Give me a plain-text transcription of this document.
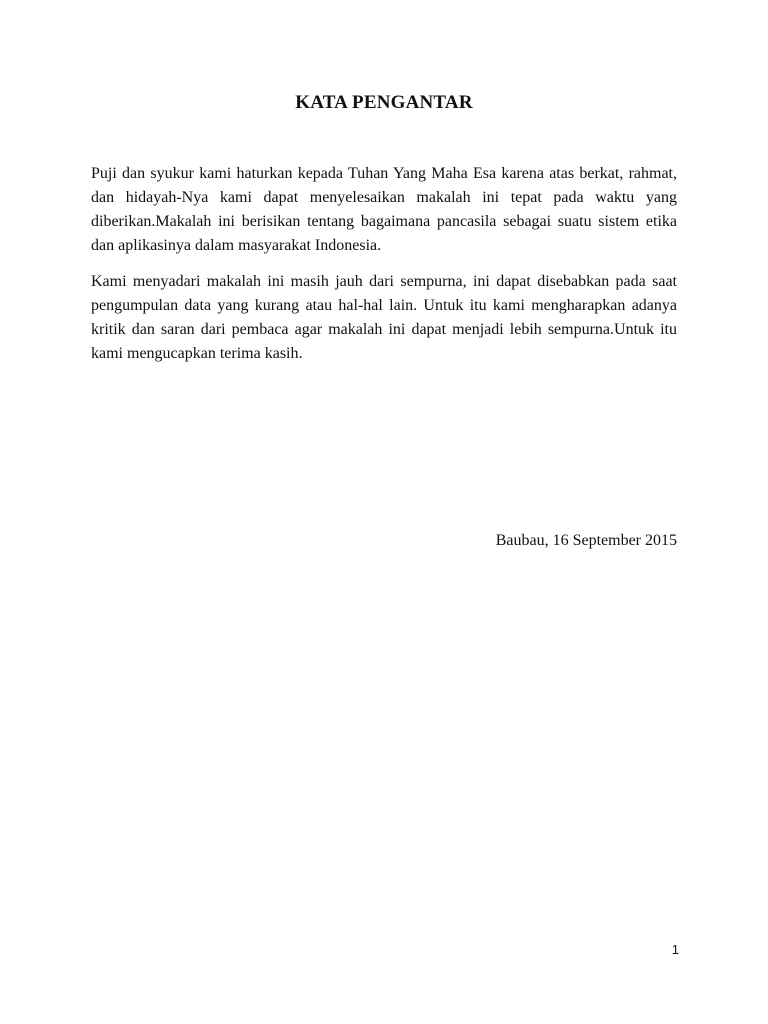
KATA PENGANTAR

Puji dan syukur kami haturkan kepada Tuhan Yang Maha Esa karena atas berkat, rahmat, dan hidayah-Nya kami dapat menyelesaikan makalah ini tepat pada waktu yang diberikan.Makalah ini berisikan tentang bagaimana pancasila sebagai suatu sistem etika dan aplikasinya dalam masyarakat Indonesia.

Kami menyadari makalah ini masih jauh dari sempurna, ini dapat disebabkan pada saat pengumpulan data yang kurang atau hal-hal lain. Untuk itu kami mengharapkan adanya kritik dan saran dari pembaca agar makalah ini dapat menjadi lebih sempurna.Untuk itu kami mengucapkan terima kasih.

Baubau, 16 September 2015
1
